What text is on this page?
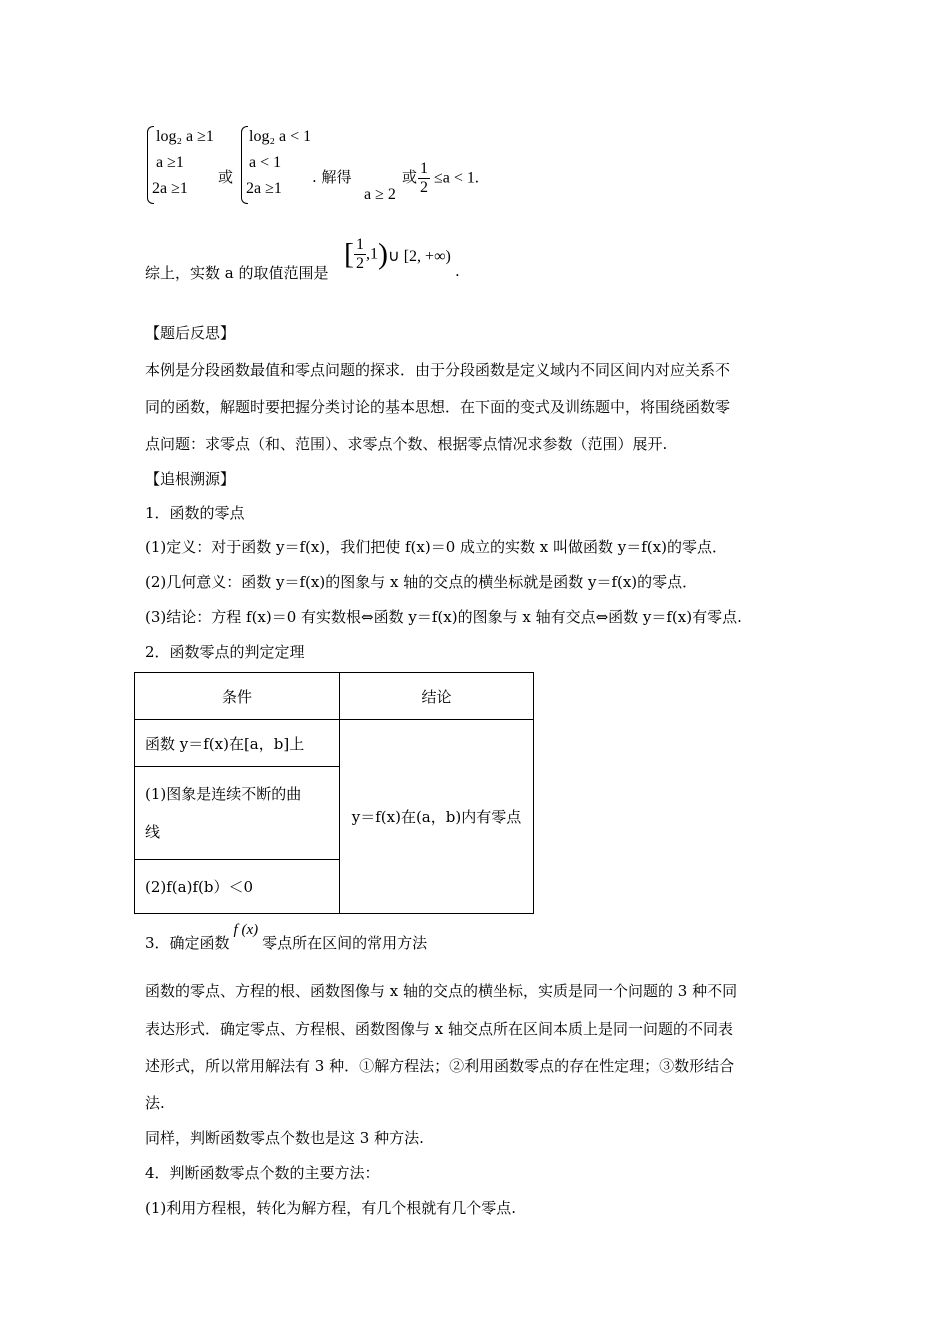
log₂ a ≥1
a ≥1
2a ≥1
或
log₂ a < 1
a < 1
2a ≥1
. 解得
a ≥ 2
或 $\frac{1}{2} \le a < 1$.
综上，实数 a 的取值范围是
[ $\frac{1}{2} ,1$) ∪ [2, +∞)
.
【题后反思】
本例是分段函数最值和零点问题的探求．由于分段函数是定义域内不同区间内对应关系不
同的函数，解题时要把握分类讨论的基本思想．在下面的变式及训练题中，将围绕函数零
点问题：求零点（和、范围）、求零点个数、根据零点情况求参数（范围）展开.
【追根溯源】
1．函数的零点
(1)定义：对于函数 y＝f(x)，我们把使 f(x)＝0 成立的实数 x 叫做函数 y＝f(x)的零点．
(2)几何意义：函数 y＝f(x)的图象与 x 轴的交点的横坐标就是函数 y＝f(x)的零点．
(3)结论：方程 f(x)＝0 有实数根⇔函数 y＝f(x)的图象与 x 轴有交点⇔函数 y＝f(x)有零点.
2．函数零点的判定定理
条件	结论
函数 y＝f(x)在[a，b]上	y＝f(x)在(a，b)内有零点
(1)图象是连续不断的曲
线	
(2)f(a)f(b）＜0	
3．确定函数f (x)零点所在区间的常用方法
函数的零点、方程的根、函数图像与 x 轴的交点的横坐标，实质是同一个问题的 3 种不同
表达形式．确定零点、方程根、函数图像与 x 轴交点所在区间本质上是同一问题的不同表
述形式，所以常用解法有 3 种．①解方程法；②利用函数零点的存在性定理；③数形结合
法.
同样，判断函数零点个数也是这 3 种方法.
4．判断函数零点个数的主要方法：
(1)利用方程根，转化为解方程，有几个根就有几个零点.
